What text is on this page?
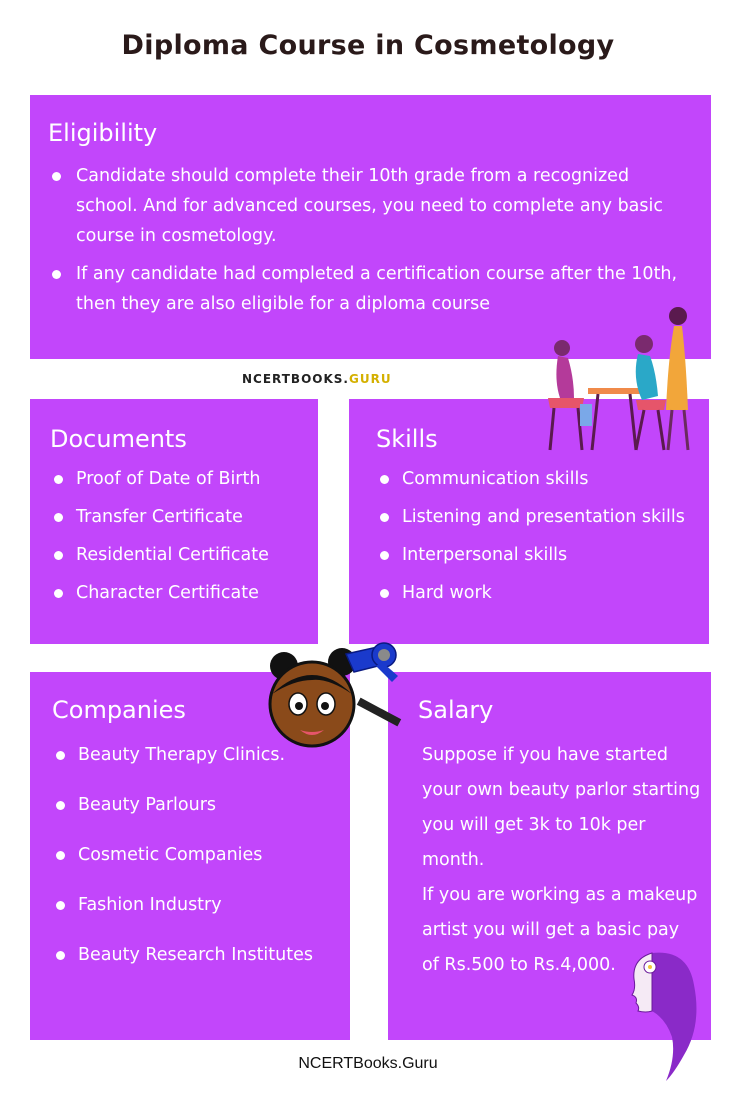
Diploma Course in Cosmetology
Eligibility
Candidate should complete their 10th grade from a recognized school. And for advanced courses, you need to complete any basic course in cosmetology.
If any candidate had completed a certification course after the 10th, then they are also eligible for a diploma course
NCERTBOOKS.GURU
Documents
Proof of Date of Birth
Transfer Certificate
Residential Certificate
Character Certificate
Skills
Communication skills
Listening and presentation skills
Interpersonal skills
Hard work
Companies
Beauty Therapy Clinics.
Beauty Parlours
Cosmetic Companies
Fashion Industry
Beauty Research Institutes
Salary
Suppose if you have started
your own beauty parlor starting
you will get 3k to 10k per month.
If you are working as a makeup
artist you will get a basic pay
of Rs.500 to Rs.4,000.
NCERTBooks.Guru
